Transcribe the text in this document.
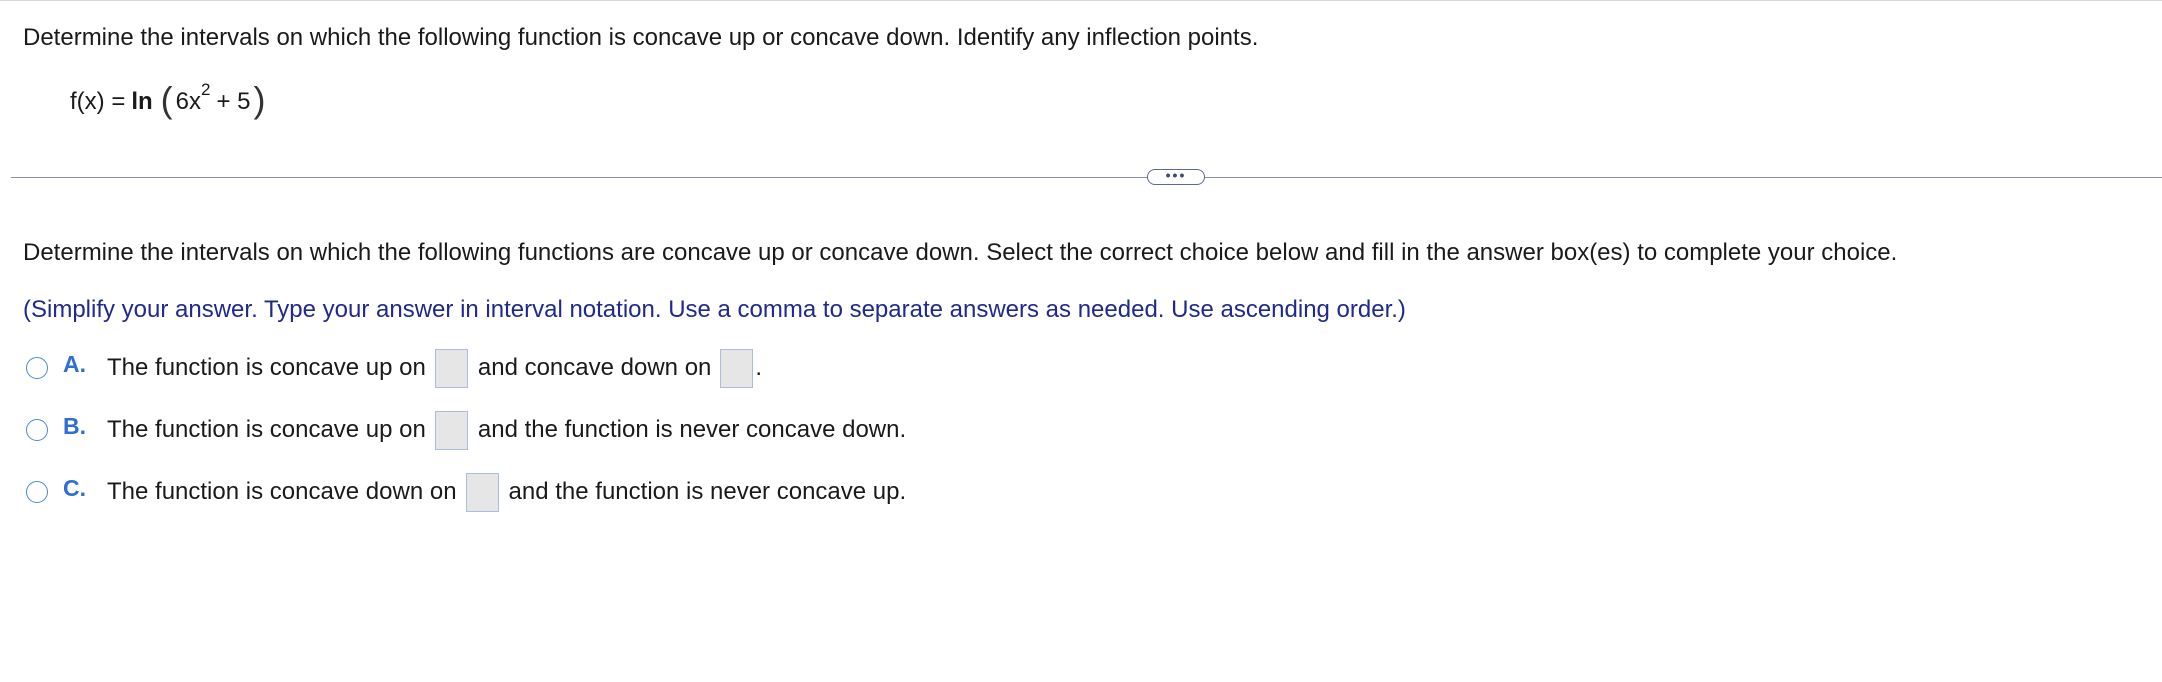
Determine the intervals on which the following function is concave up or concave down. Identify any inflection points.
f(x) = ln ( $6x^2 + 5$ )
•••
Determine the intervals on which the following functions are concave up or concave down. Select the correct choice below and fill in the answer box(es) to complete your choice.
(Simplify your answer. Type your answer in interval notation. Use a comma to separate answers as needed. Use ascending order.)
A. The function is concave up on and concave down on .
B. The function is concave up on and the function is never concave down.
C. The function is concave down on and the function is never concave up.
